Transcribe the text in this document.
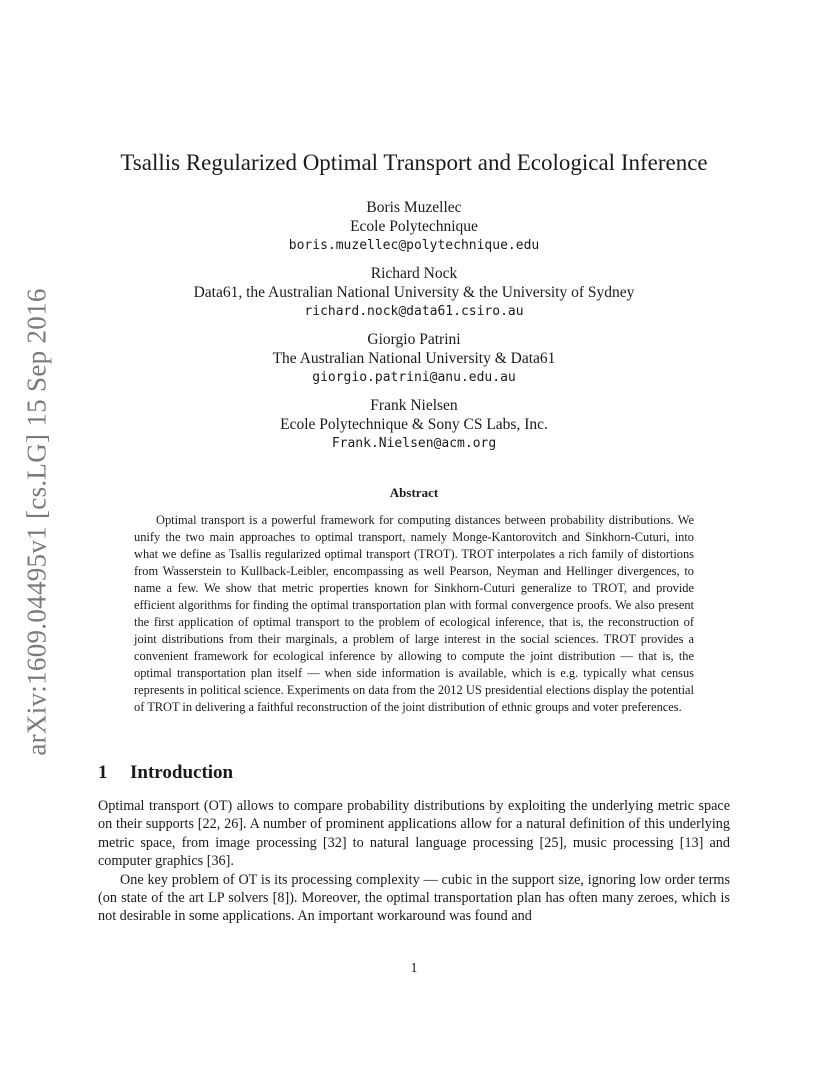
arXiv:1609.04495v1 [cs.LG] 15 Sep 2016
Tsallis Regularized Optimal Transport and Ecological Inference
Boris Muzellec
Ecole Polytechnique
boris.muzellec@polytechnique.edu
Richard Nock
Data61, the Australian National University & the University of Sydney
richard.nock@data61.csiro.au
Giorgio Patrini
The Australian National University & Data61
giorgio.patrini@anu.edu.au
Frank Nielsen
Ecole Polytechnique & Sony CS Labs, Inc.
Frank.Nielsen@acm.org
Abstract
Optimal transport is a powerful framework for computing distances between probability distributions. We unify the two main approaches to optimal transport, namely Monge-Kantorovitch and Sinkhorn-Cuturi, into what we define as Tsallis regularized optimal transport (TROT). TROT interpolates a rich family of distortions from Wasserstein to Kullback-Leibler, encompassing as well Pearson, Neyman and Hellinger divergences, to name a few. We show that metric properties known for Sinkhorn-Cuturi generalize to TROT, and provide efficient algorithms for finding the optimal transportation plan with formal convergence proofs. We also present the first application of optimal transport to the problem of ecological inference, that is, the reconstruction of joint distributions from their marginals, a problem of large interest in the social sciences. TROT provides a convenient framework for ecological inference by allowing to compute the joint distribution — that is, the optimal transportation plan itself — when side information is available, which is e.g. typically what census represents in political science. Experiments on data from the 2012 US presidential elections display the potential of TROT in delivering a faithful reconstruction of the joint distribution of ethnic groups and voter preferences.
1 Introduction

Optimal transport (OT) allows to compare probability distributions by exploiting the underlying metric space on their supports [22, 26]. A number of prominent applications allow for a natural definition of this underlying metric space, from image processing [32] to natural language processing [25], music processing [13] and computer graphics [36].

One key problem of OT is its processing complexity — cubic in the support size, ignoring low order terms (on state of the art LP solvers [8]). Moreover, the optimal transportation plan has often many zeroes, which is not desirable in some applications. An important workaround was found and

1
